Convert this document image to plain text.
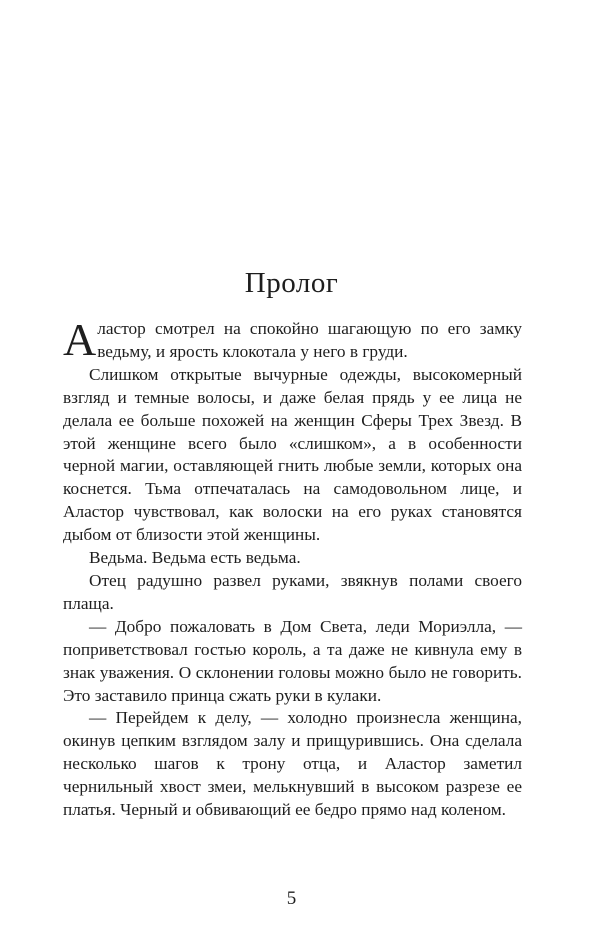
Пролог

Аластор смотрел на спокойно шагающую по его замку ведьму, и ярость клокотала у него в груди.

Слишком открытые вычурные одежды, высокомерный взгляд и темные волосы, и даже белая прядь у ее лица не делала ее больше похожей на женщин Сферы Трех Звезд. В этой женщине всего было «слишком», а в особенности черной магии, оставляющей гнить любые земли, которых она коснется. Тьма отпечаталась на самодовольном лице, и Аластор чувствовал, как волоски на его руках становятся дыбом от близости этой женщины.

Ведьма. Ведьма есть ведьма.

Отец радушно развел руками, звякнув полами своего плаща.

— Добро пожаловать в Дом Света, леди Мориэлла, — поприветствовал гостью король, а та даже не кивнула ему в знак уважения. О склонении головы можно было не говорить. Это заставило принца сжать руки в кулаки.

— Перейдем к делу, — холодно произнесла женщина, окинув цепким взглядом залу и прищурившись. Она сделала несколько шагов к трону отца, и Аластор заметил чернильный хвост змеи, мелькнувший в высоком разрезе ее платья. Черный и обвивающий ее бедро прямо над коленом.

5
